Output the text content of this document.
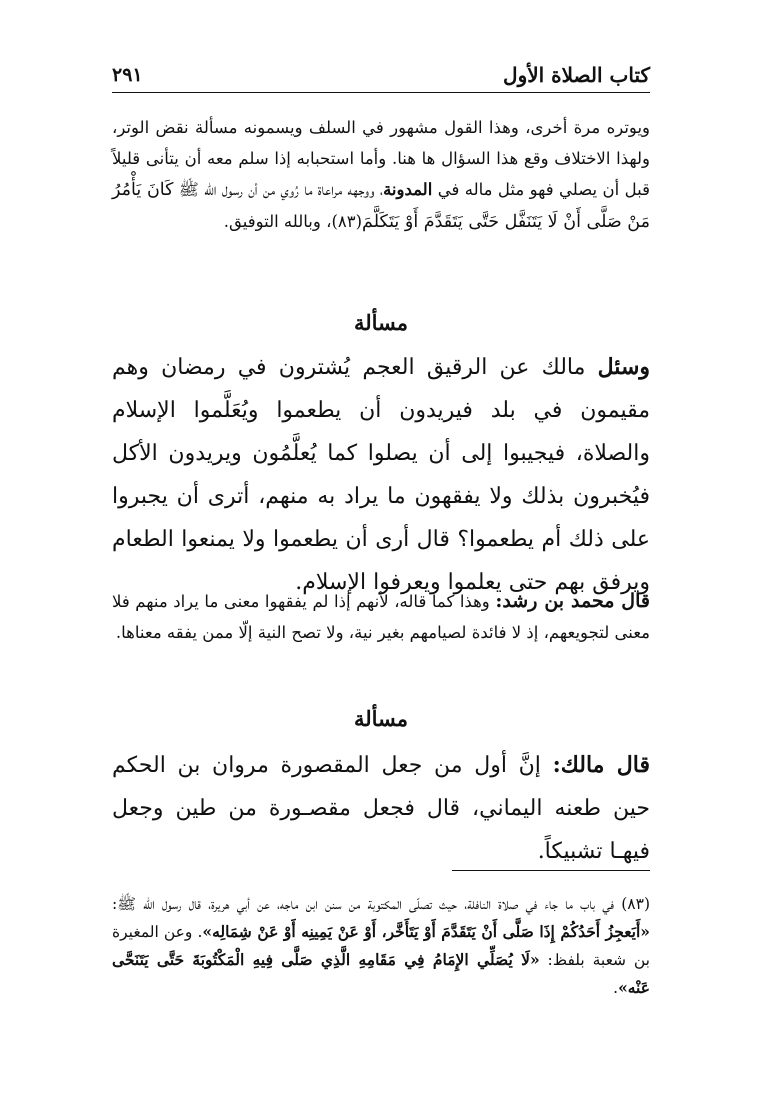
كتاب الصلاة الأول
٢٩١

ويوتره مرة أخرى، وهذا القول مشهور في السلف ويسمونه مسألة نقض الوتر، ولهذا الاختلاف وقع هذا السؤال ها هنا. وأما استحبابه إذا سلم معه أن يتأنى قليلاً قبل أن يصلي فهو مثل ماله في المدونة، ووجهه مراعاة ما رُوي من أن رسول الله ﷺ كَانَ يَأْمُرُ مَنْ صَلَّى أَنْ لَا يَتَنَفَّل حَتَّى يَتَقَدَّمَ أَوْ يَتَكَلَّمَ(٨٣)، وبالله التوفيق.

مسألة

وسئل مالك عن الرقيق العجم يُشترون في رمضان وهم مقيمون في بلد فيريدون أن يطعموا ويُعَلَّموا الإسلام والصلاة، فيجيبوا إلى أن يصلوا كما يُعلَّمُون ويريدون الأكل فيُخبرون بذلك ولا يفقهون ما يراد به منهم، أترى أن يجبروا على ذلك أم يطعموا؟ قال أرى أن يطعموا ولا يمنعوا الطعام ويرفق بهم حتى يعلموا ويعرفوا الإسلام.

قال محمد بن رشد: وهذا كما قاله، لأنهم إذا لم يفقهوا معنى ما يراد منهم فلا معنى لتجويعهم، إذ لا فائدة لصيامهم بغير نية، ولا تصح النية إلّا ممن يفقه معناها.

مسألة

قال مالك: إنَّ أول من جعل المقصورة مروان بن الحكم حين طعنه اليماني، قال فجعل مقصـورة من طين وجعل فيهـا تشبيكاً.

(٨٣) في باب ما جاء في صلاة النافلة، حيث تصلّى المكتوبة من سنن ابن ماجه، عن أبي هريرة، قال رسول الله ﷺ: «أَيَعجِزُ أَحَدُكُمْ إِذَا صَلَّى أَنْ يَتَقَدَّمَ أَوْ يَتَأَخَّر، أَوْ عَنْ يَمِينِه أَوْ عَنْ شِمَالِه». وعن المغيرة بن شعبة بلفظ: «لَا يُصَلِّي الإِمَامُ فِي مَقَامِهِ الَّذِي صَلَّى فِيهِ الْمَكْتُوبَةَ حَتَّى يَتَنَحَّى عَنْه».
